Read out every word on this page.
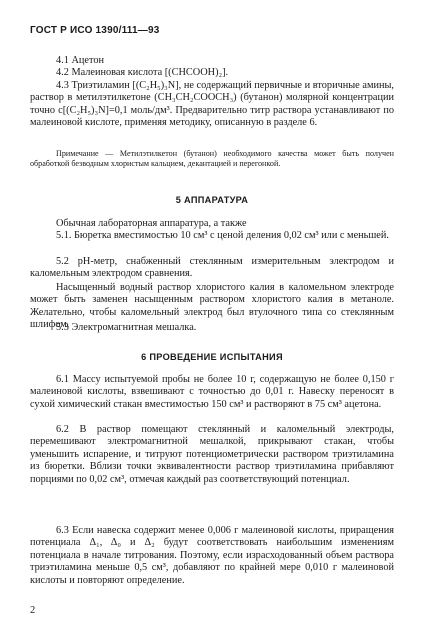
ГОСТ Р ИСО 1390/111—93

4.1 Ацетон

4.2 Малеиновая кислота [(CHCOOH)₂].

4.3 Триэтиламин [(C₂H₅)₃N], не содержащий первичные и вторичные амины, раствор в метилэтилкетоне (CH₃CH₂COOCH₃) (бутанон) молярной концентрации точно c[(C₂H₅)₃N]=0,1 моль/дм³. Предварительно титр раствора устанавливают по малеиновой кислоте, применяя методику, описанную в разделе 6.

Примечание — Метилэтилкетон (бутанон) необходимого качества может быть получен обработкой безводным хлористым кальцием, декантацией и перегонкой.

5 АППАРАТУРА

Обычная лабораторная аппаратура, а также

5.1. Бюретка вместимостью 10 см³ с ценой деления 0,02 см³ или с меньшей.

5.2 pH-метр, снабженный стеклянным измерительным электродом и каломельным электродом сравнения.

Насыщенный водный раствор хлористого калия в каломельном электроде может быть заменен насыщенным раствором хлористого калия в метаноле. Желательно, чтобы каломельный электрод был втулочного типа со стеклянным шлифом.

5.3 Электромагнитная мешалка.

6 ПРОВЕДЕНИЕ ИСПЫТАНИЯ

6.1 Массу испытуемой пробы не более 10 г, содержащую не более 0,150 г малеиновой кислоты, взвешивают с точностью до 0,01 г. Навеску переносят в сухой химический стакан вместимостью 150 см³ и растворяют в 75 см³ ацетона.

6.2 В раствор помещают стеклянный и каломельный электроды, перемешивают электромагнитной мешалкой, прикрывают стакан, чтобы уменьшить испарение, и титруют потенциометрически раствором триэтиламина из бюретки. Вблизи точки эквивалентности раствор триэтиламина прибавляют порциями по 0,02 см³, отмечая каждый раз соответствующий потенциал.

6.3 Если навеска содержит менее 0,006 г малеиновой кислоты, приращения потенциала Δ₁, Δ₀ и Δ₂ будут соответствовать наибольшим изменениям потенциала в начале титрования. Поэтому, если израсходованный объем раствора триэтиламина меньше 0,5 см³, добавляют по крайней мере 0,010 г малеиновой кислоты и повторяют определение.

2
